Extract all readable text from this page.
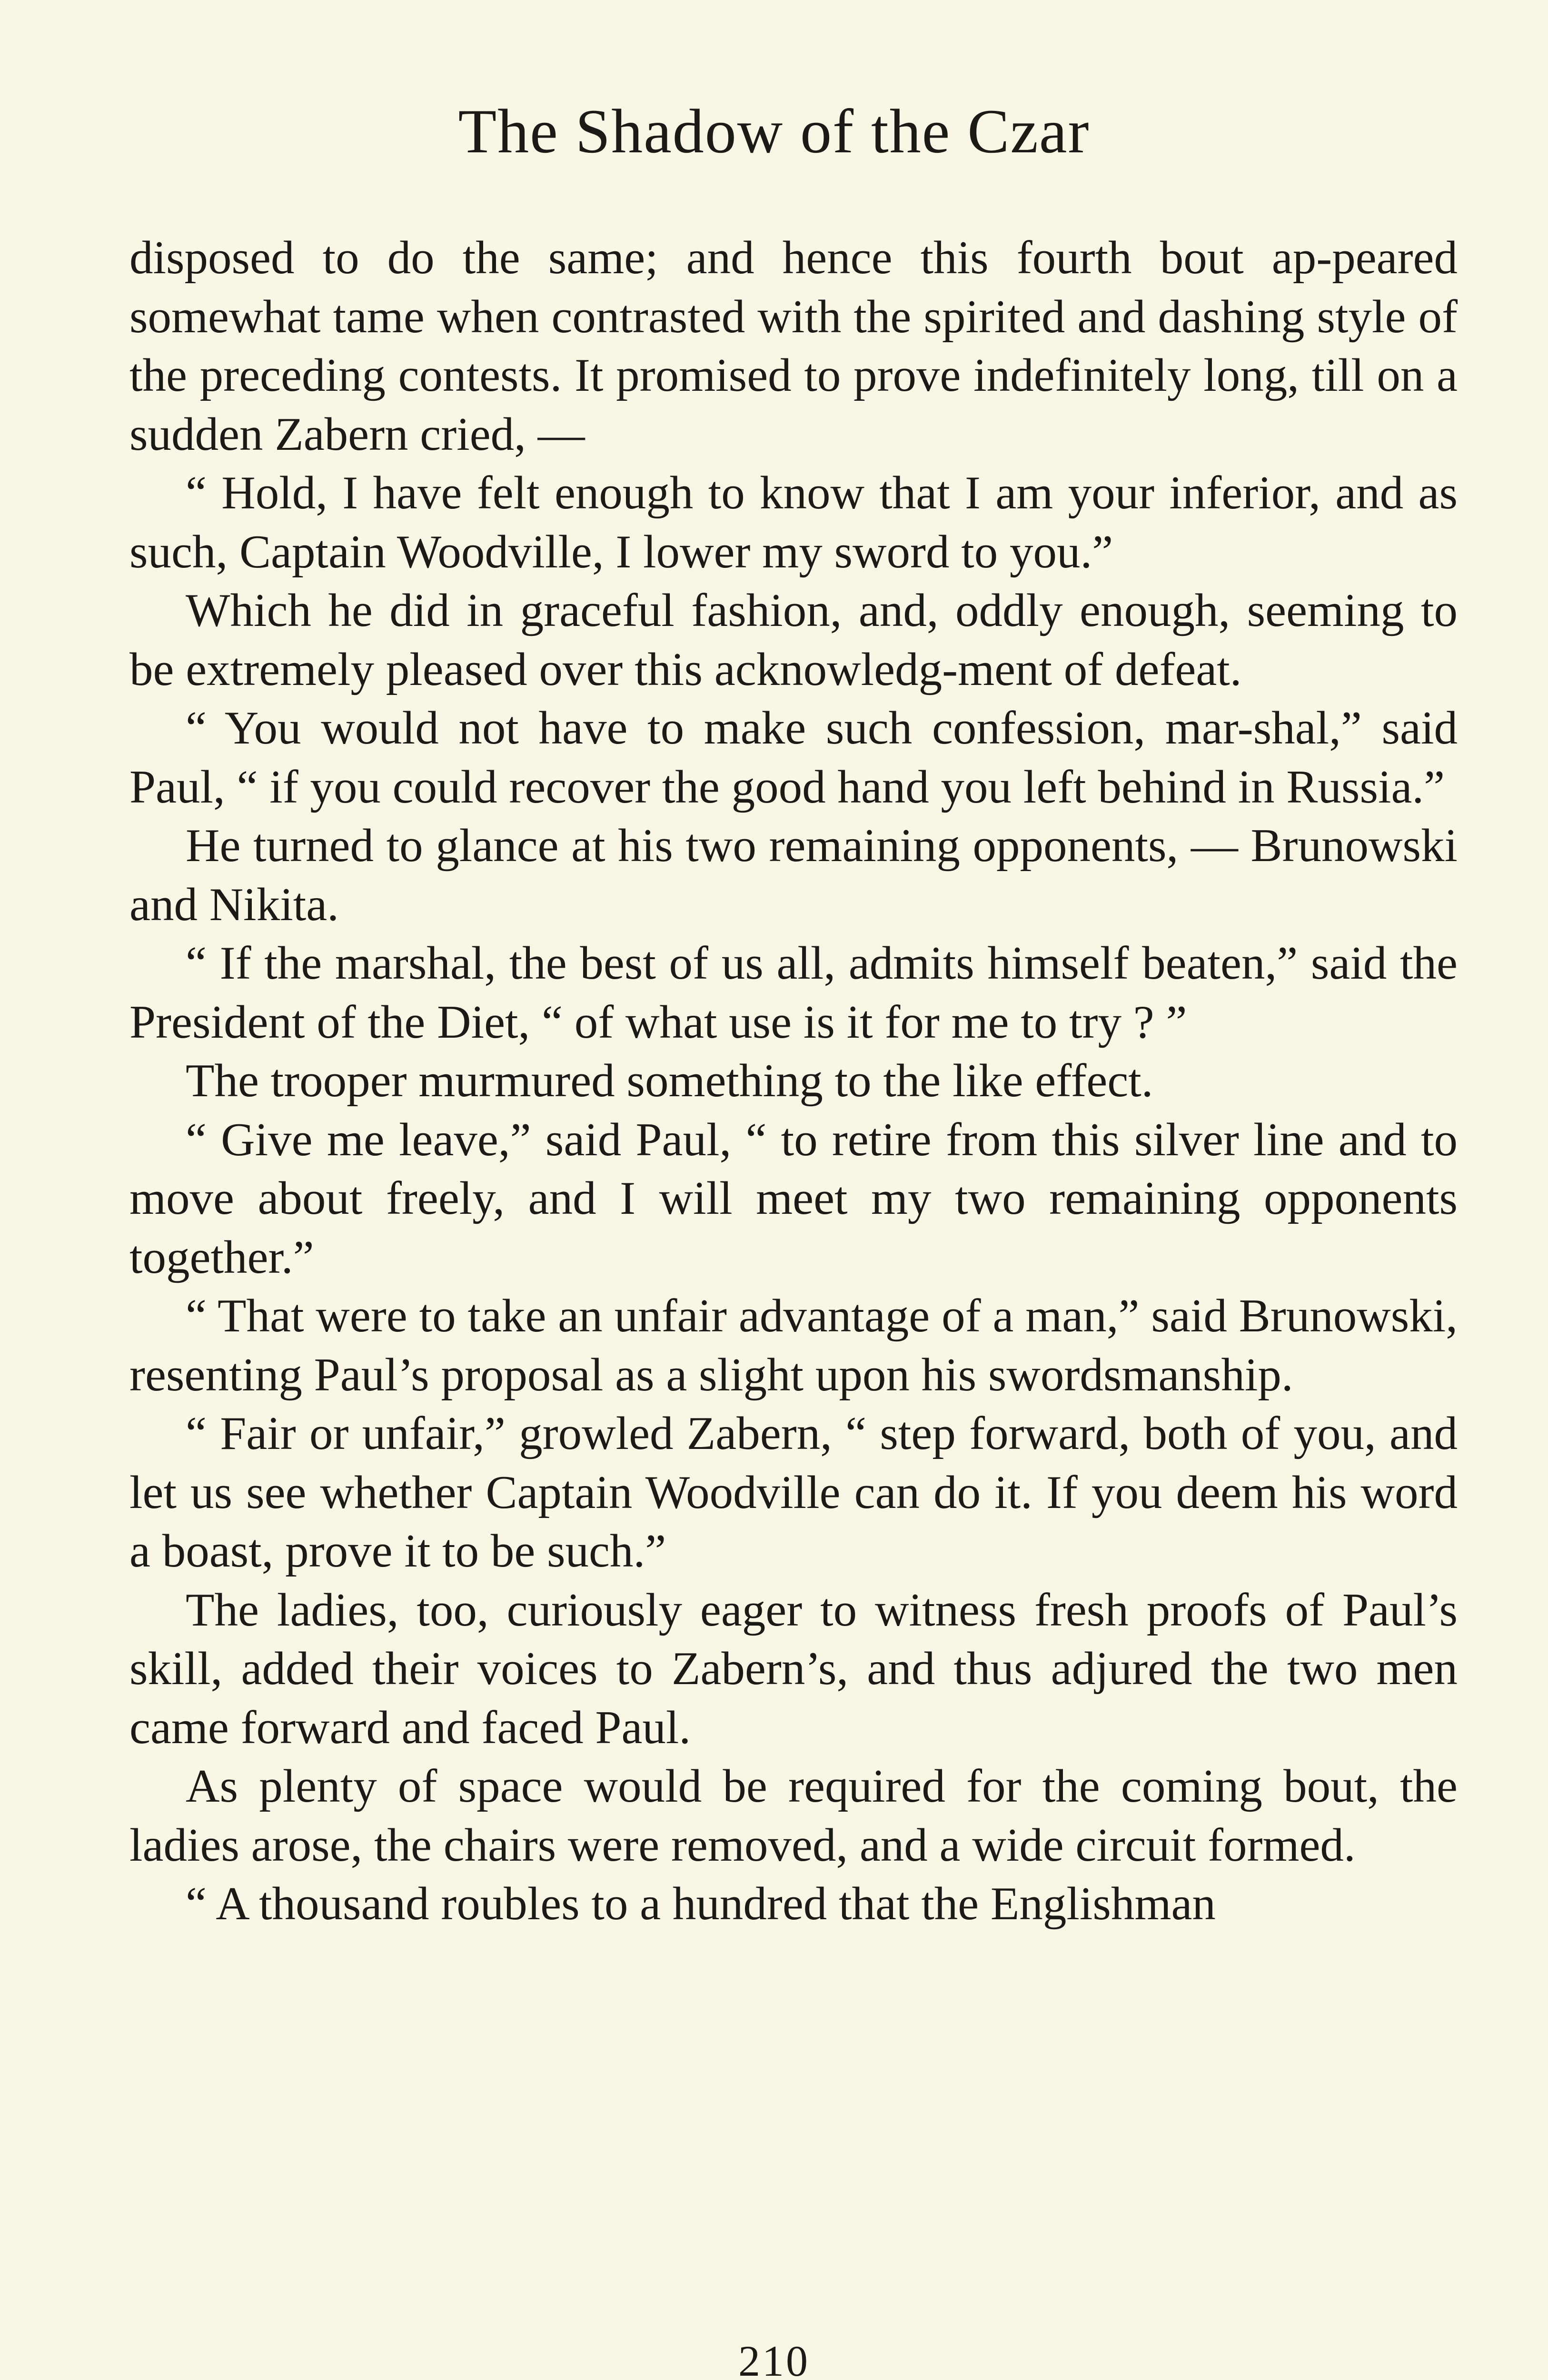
The Shadow of the Czar

disposed to do the same; and hence this fourth bout ap-peared somewhat tame when contrasted with the spirited and dashing style of the preceding contests. It promised to prove indefinitely long, till on a sudden Zabern cried, —

“ Hold, I have felt enough to know that I am your inferior, and as such, Captain Woodville, I lower my sword to you.”

Which he did in graceful fashion, and, oddly enough, seeming to be extremely pleased over this acknowledg-ment of defeat.

“ You would not have to make such confession, mar-shal,” said Paul, “ if you could recover the good hand you left behind in Russia.”

He turned to glance at his two remaining opponents, — Brunowski and Nikita.

“ If the marshal, the best of us all, admits himself beaten,” said the President of the Diet, “ of what use is it for me to try ? ”

The trooper murmured something to the like effect.

“ Give me leave,” said Paul, “ to retire from this silver line and to move about freely, and I will meet my two remaining opponents together.”

“ That were to take an unfair advantage of a man,” said Brunowski, resenting Paul’s proposal as a slight upon his swordsmanship.

“ Fair or unfair,” growled Zabern, “ step forward, both of you, and let us see whether Captain Woodville can do it. If you deem his word a boast, prove it to be such.”

The ladies, too, curiously eager to witness fresh proofs of Paul’s skill, added their voices to Zabern’s, and thus adjured the two men came forward and faced Paul.

As plenty of space would be required for the coming bout, the ladies arose, the chairs were removed, and a wide circuit formed.

“ A thousand roubles to a hundred that the Englishman

210
